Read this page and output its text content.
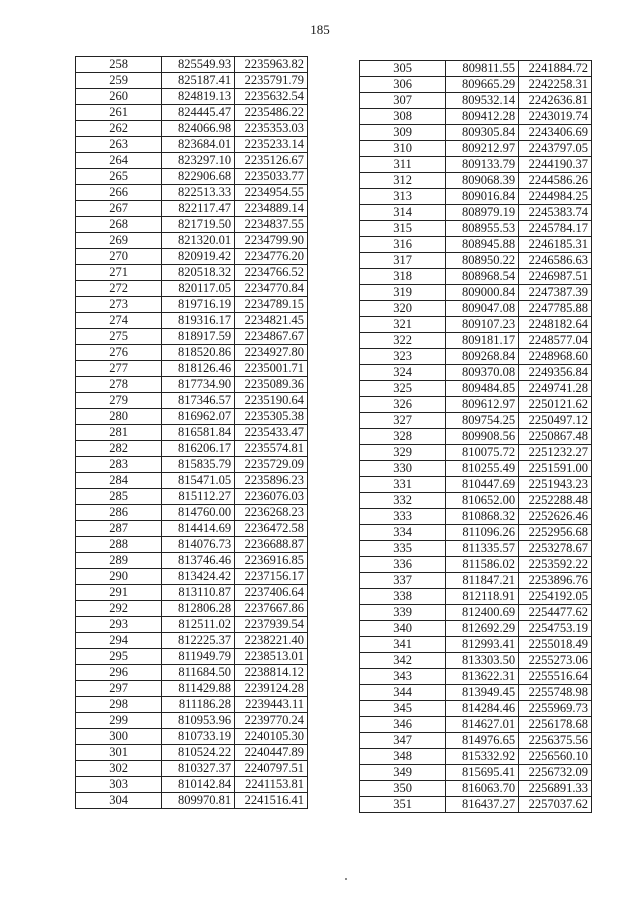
185
258	825549.93	2235963.82
259	825187.41	2235791.79
260	824819.13	2235632.54
261	824445.47	2235486.22
262	824066.98	2235353.03
263	823684.01	2235233.14
264	823297.10	2235126.67
265	822906.68	2235033.77
266	822513.33	2234954.55
267	822117.47	2234889.14
268	821719.50	2234837.55
269	821320.01	2234799.90
270	820919.42	2234776.20
271	820518.32	2234766.52
272	820117.05	2234770.84
273	819716.19	2234789.15
274	819316.17	2234821.45
275	818917.59	2234867.67
276	818520.86	2234927.80
277	818126.46	2235001.71
278	817734.90	2235089.36
279	817346.57	2235190.64
280	816962.07	2235305.38
281	816581.84	2235433.47
282	816206.17	2235574.81
283	815835.79	2235729.09
284	815471.05	2235896.23
285	815112.27	2236076.03
286	814760.00	2236268.23
287	814414.69	2236472.58
288	814076.73	2236688.87
289	813746.46	2236916.85
290	813424.42	2237156.17
291	813110.87	2237406.64
292	812806.28	2237667.86
293	812511.02	2237939.54
294	812225.37	2238221.40
295	811949.79	2238513.01
296	811684.50	2238814.12
297	811429.88	2239124.28
298	811186.28	2239443.11
299	810953.96	2239770.24
300	810733.19	2240105.30
301	810524.22	2240447.89
302	810327.37	2240797.51
303	810142.84	2241153.81
304	809970.81	2241516.41
305	809811.55	2241884.72
306	809665.29	2242258.31
307	809532.14	2242636.81
308	809412.28	2243019.74
309	809305.84	2243406.69
310	809212.97	2243797.05
311	809133.79	2244190.37
312	809068.39	2244586.26
313	809016.84	2244984.25
314	808979.19	2245383.74
315	808955.53	2245784.17
316	808945.88	2246185.31
317	808950.22	2246586.63
318	808968.54	2246987.51
319	809000.84	2247387.39
320	809047.08	2247785.88
321	809107.23	2248182.64
322	809181.17	2248577.04
323	809268.84	2248968.60
324	809370.08	2249356.84
325	809484.85	2249741.28
326	809612.97	2250121.62
327	809754.25	2250497.12
328	809908.56	2250867.48
329	810075.72	2251232.27
330	810255.49	2251591.00
331	810447.69	2251943.23
332	810652.00	2252288.48
333	810868.32	2252626.46
334	811096.26	2252956.68
335	811335.57	2253278.67
336	811586.02	2253592.22
337	811847.21	2253896.76
338	812118.91	2254192.05
339	812400.69	2254477.62
340	812692.29	2254753.19
341	812993.41	2255018.49
342	813303.50	2255273.06
343	813622.31	2255516.64
344	813949.45	2255748.98
345	814284.46	2255969.73
346	814627.01	2256178.68
347	814976.65	2256375.56
348	815332.92	2256560.10
349	815695.41	2256732.09
350	816063.70	2256891.33
351	816437.27	2257037.62
